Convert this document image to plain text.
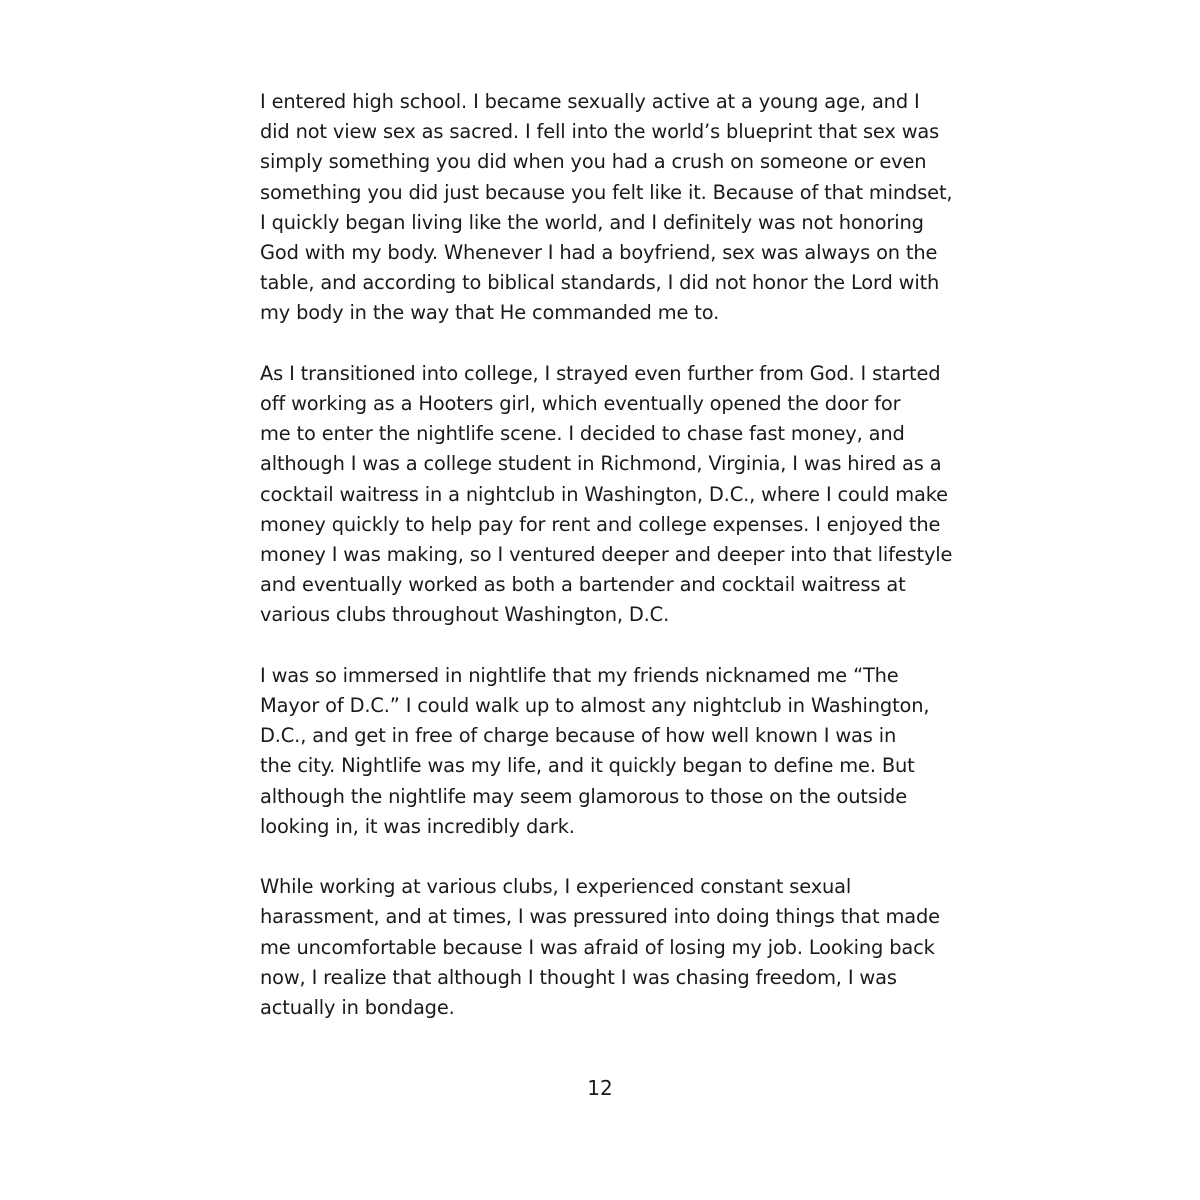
I entered high school. I became sexually active at a young age, and I
did not view sex as sacred. I fell into the world’s blueprint that sex was
simply something you did when you had a crush on someone or even
something you did just because you felt like it. Because of that mindset,
I quickly began living like the world, and I definitely was not honoring
God with my body. Whenever I had a boyfriend, sex was always on the
table, and according to biblical standards, I did not honor the Lord with
my body in the way that He commanded me to.

As I transitioned into college, I strayed even further from God. I started
off working as a Hooters girl, which eventually opened the door for
me to enter the nightlife scene. I decided to chase fast money, and
although I was a college student in Richmond, Virginia, I was hired as a
cocktail waitress in a nightclub in Washington, D.C., where I could make
money quickly to help pay for rent and college expenses. I enjoyed the
money I was making, so I ventured deeper and deeper into that lifestyle
and eventually worked as both a bartender and cocktail waitress at
various clubs throughout Washington, D.C.

I was so immersed in nightlife that my friends nicknamed me “The
Mayor of D.C.” I could walk up to almost any nightclub in Washington,
D.C., and get in free of charge because of how well known I was in
the city. Nightlife was my life, and it quickly began to define me. But
although the nightlife may seem glamorous to those on the outside
looking in, it was incredibly dark.

While working at various clubs, I experienced constant sexual
harassment, and at times, I was pressured into doing things that made
me uncomfortable because I was afraid of losing my job. Looking back
now, I realize that although I thought I was chasing freedom, I was
actually in bondage.

12
